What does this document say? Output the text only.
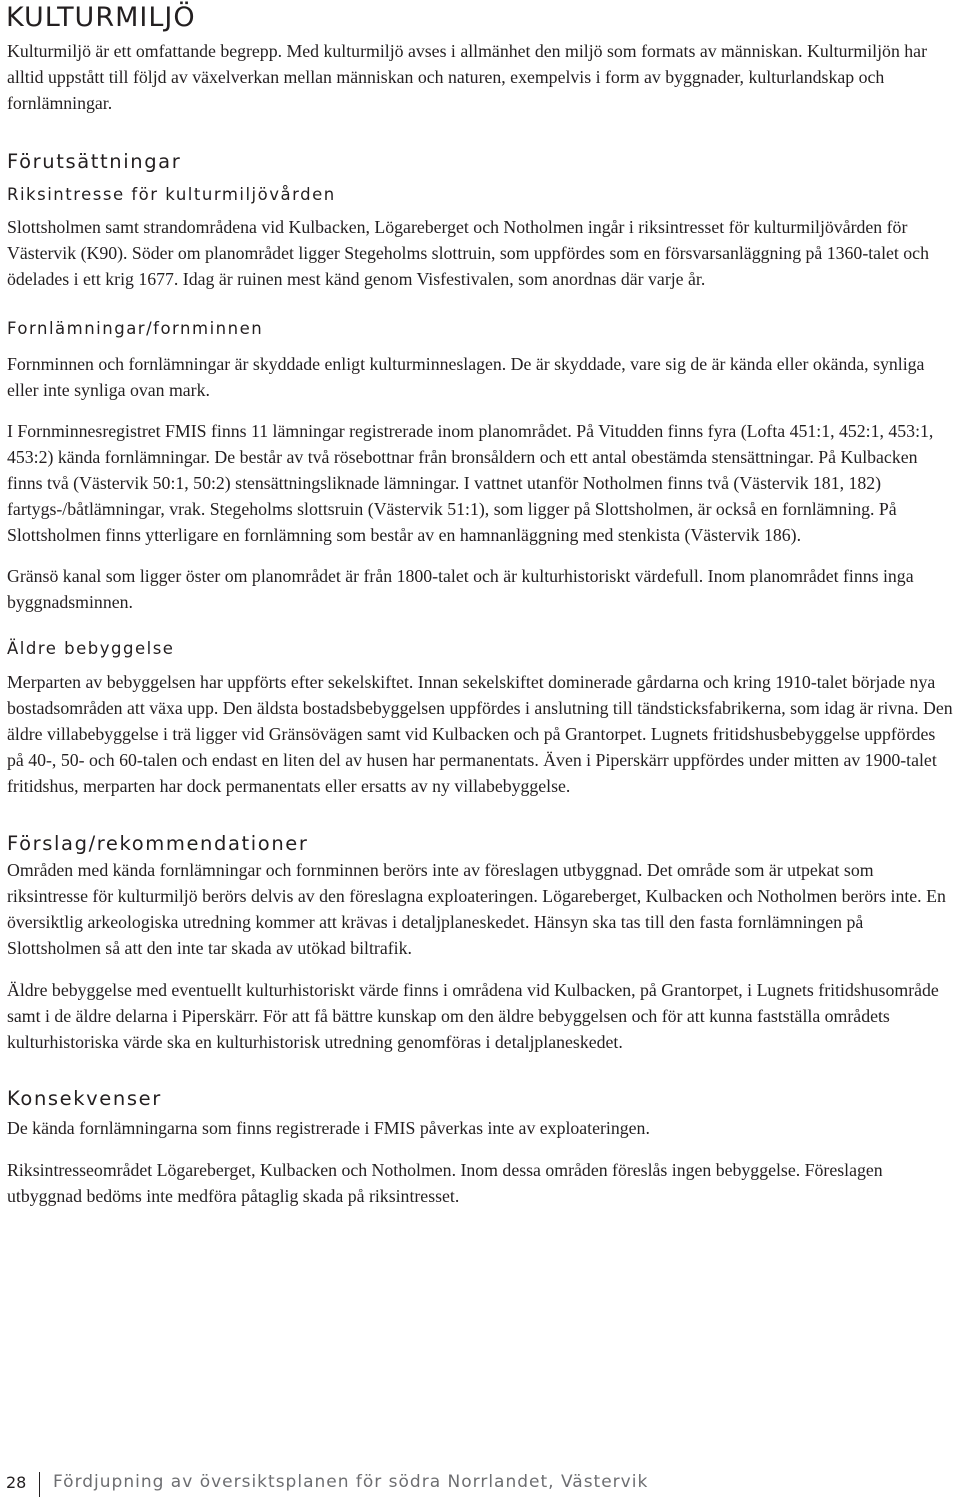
KULTURMILJÖ

Kulturmiljö är ett omfattande begrepp. Med kulturmiljö avses i allmänhet den miljö som formats av människan. Kulturmiljön har alltid uppstått till följd av växelverkan mellan människan och naturen, exempelvis i form av byggnader, kulturlandskap och fornlämningar.

Förutsättningar
Riksintresse för kulturmiljövården

Slottsholmen samt strandområdena vid Kulbacken, Lögareberget och Notholmen ingår i riksintresset för kulturmiljövården för Västervik (K90). Söder om planområdet ligger Stegeholms slottruin, som uppfördes som en försvarsanläggning på 1360-talet och ödelades i ett krig 1677. Idag är ruinen mest känd genom Visfestivalen, som anordnas där varje år.

Fornlämningar/fornminnen

Fornminnen och fornlämningar är skyddade enligt kulturminneslagen. De är skyddade, vare sig de är kända eller okända, synliga eller inte synliga ovan mark.

I Fornminnesregistret FMIS finns 11 lämningar registrerade inom planområdet. På Vitudden finns fyra (Lofta 451:1, 452:1, 453:1, 453:2) kända fornlämningar. De består av två rösebottnar från bronsåldern och ett antal obestämda stensättningar. På Kulbacken finns två (Västervik 50:1, 50:2) stensättningsliknade lämningar. I vattnet utanför Notholmen finns två (Västervik 181, 182) fartygs-/båtlämningar, vrak. Stegeholms slottsruin (Västervik 51:1), som ligger på Slottsholmen, är också en fornlämning. På Slottsholmen finns ytterligare en fornlämning som består av en hamnanläggning med stenkista (Västervik 186).

Gränsö kanal som ligger öster om planområdet är från 1800-talet och är kulturhistoriskt värdefull. Inom planområdet finns inga byggnadsminnen.

Äldre bebyggelse

Merparten av bebyggelsen har uppförts efter sekelskiftet. Innan sekelskiftet dominerade gårdarna och kring 1910-talet började nya bostadsområden att växa upp. Den äldsta bostadsbebyggelsen uppfördes i anslutning till tändsticksfabrikerna, som idag är rivna. Den äldre villabebyggelse i trä ligger vid Gränsövägen samt vid Kulbacken och på Grantorpet. Lugnets fritidshusbebyggelse uppfördes på 40-, 50- och 60-talen och endast en liten del av husen har permanentats. Även i Piperskärr uppfördes under mitten av 1900-talet fritidshus, merparten har dock permanentats eller ersatts av ny villabebyggelse.

Förslag/rekommendationer

Områden med kända fornlämningar och fornminnen berörs inte av föreslagen utbyggnad. Det område som är utpekat som riksintresse för kulturmiljö berörs delvis av den föreslagna exploateringen. Lögareberget, Kulbacken och Notholmen berörs inte. En översiktlig arkeologiska utredning kommer att krävas i detaljplaneskedet. Hänsyn ska tas till den fasta fornlämningen på Slottsholmen så att den inte tar skada av utökad biltrafik.

Äldre bebyggelse med eventuellt kulturhistoriskt värde finns i områdena vid Kulbacken, på Grantorpet, i Lugnets fritidshusområde samt i de äldre delarna i Piperskärr. För att få bättre kunskap om den äldre bebyggelsen och för att kunna fastställa områdets kulturhistoriska värde ska en kulturhistorisk utredning genomföras i detaljplaneskedet.

Konsekvenser

De kända fornlämningarna som finns registrerade i FMIS påverkas inte av exploateringen.

Riksintresseområdet Lögareberget, Kulbacken och Notholmen. Inom dessa områden föreslås ingen bebyggelse. Föreslagen utbyggnad bedöms inte medföra påtaglig skada på riksintresset.

28 Fördjupning av översiktsplanen för södra Norrlandet, Västervik
